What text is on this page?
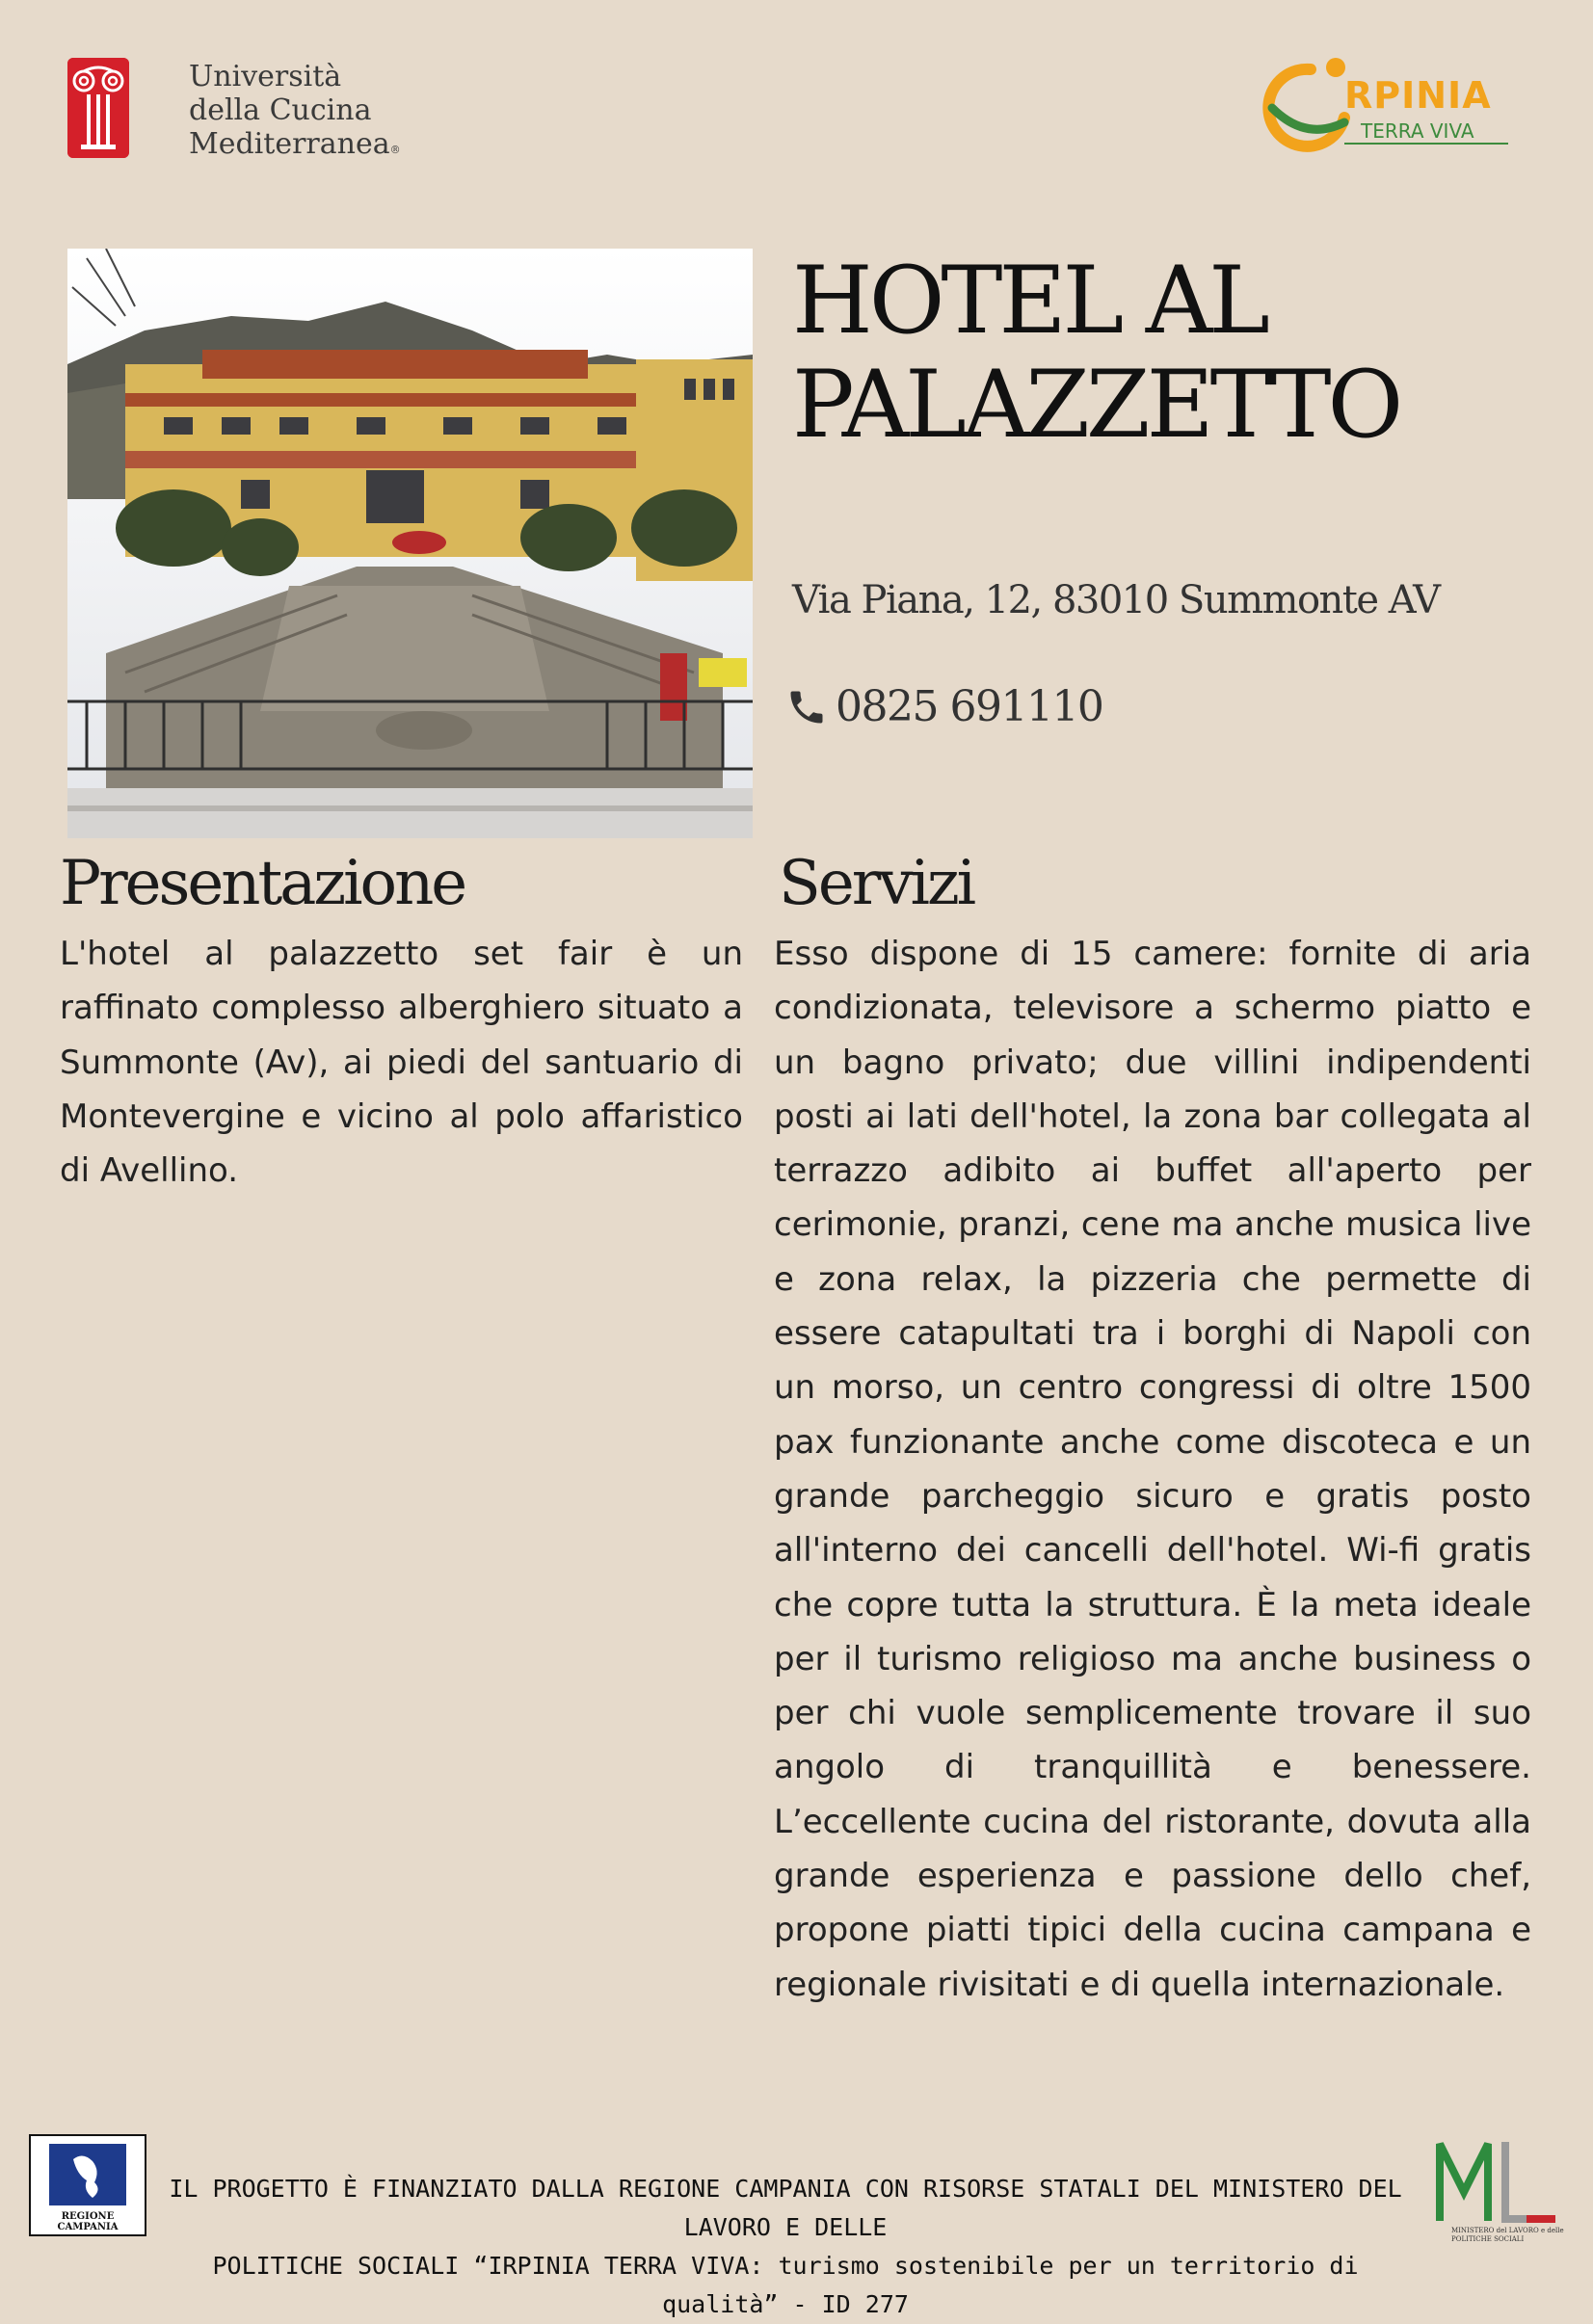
Università
della Cucina
Mediterranea®
RPINIA
TERRA VIVA
HOTEL AL
PALAZZETTO
Via Piana, 12, 83010 Summonte AV
0825 691110
Presentazione
L'hotel al palazzetto set fair è un raffinato complesso alberghiero situato a Summonte (Av), ai piedi del santuario di Montevergine e vicino al polo affaristico di Avellino.
Servizi
Esso dispone di 15 camere: fornite di aria condizionata, televisore a schermo piatto e un bagno privato; due villini indipendenti posti ai lati dell'hotel, la zona bar collegata al terrazzo adibito ai buffet all'aperto per cerimonie, pranzi, cene ma anche musica live e zona relax, la pizzeria che permette di essere catapultati tra i borghi di Napoli con un morso, un centro congressi di oltre 1500 pax funzionante anche come discoteca e un grande parcheggio sicuro e gratis posto all'interno dei cancelli dell'hotel. Wi-fi gratis che copre tutta la struttura. È la meta ideale per il turismo religioso ma anche business o per chi vuole semplicemente trovare il suo angolo di tranquillità e benessere. L’eccellente cucina del ristorante, dovuta alla grande esperienza e passione dello chef, propone piatti tipici della cucina campana e regionale rivisitati e di quella internazionale.
REGIONE CAMPANIA
IL PROGETTO È FINANZIATO DALLA REGIONE CAMPANIA CON RISORSE STATALI DEL MINISTERO DEL LAVORO E DELLE
POLITICHE SOCIALI “IRPINIA TERRA VIVA: turismo sostenibile per un territorio di qualità” - ID 277
MINISTERO del LAVORO e delle POLITICHE SOCIALI
